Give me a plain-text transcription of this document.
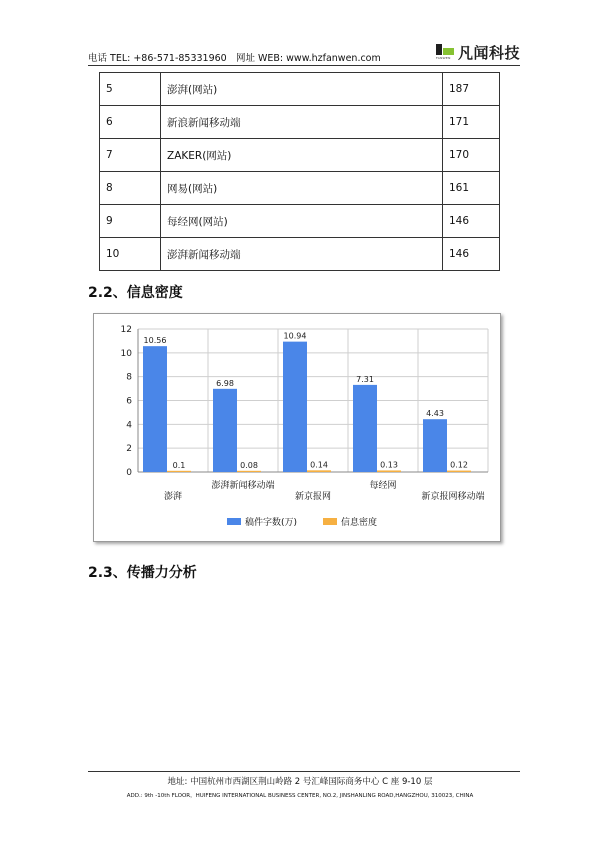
电话 TEL: +86-571-85331960 网址 WEB: www.hzfanwen.com	FANWEN 凡闻科技
5	澎湃(网站)	187
6	新浪新闻移动端	171
7	ZAKER(网站)	170
8	网易(网站)	161
9	每经网(网站)	146
10	澎湃新闻移动端	146
2.2、信息密度
0
2
4
6
8
10
12
10.56
6.98
10.94
7.31
4.43
0.1	0.08	0.14	0.13	0.12
澎湃
澎湃新闻移动端
新京报网
每经网
新京报网移动端
稿件字数(万)	信息密度
2.3、传播力分析
地址: 中国杭州市西湖区荆山岭路 2 号汇峰国际商务中心 C 座 9-10 层
ADD.: 9th -10th FLOOR，HUIFENG INTERNATIONAL BUSINESS CENTER, NO.2, JINSHANLING ROAD,HANGZHOU, 310023, CHINA
